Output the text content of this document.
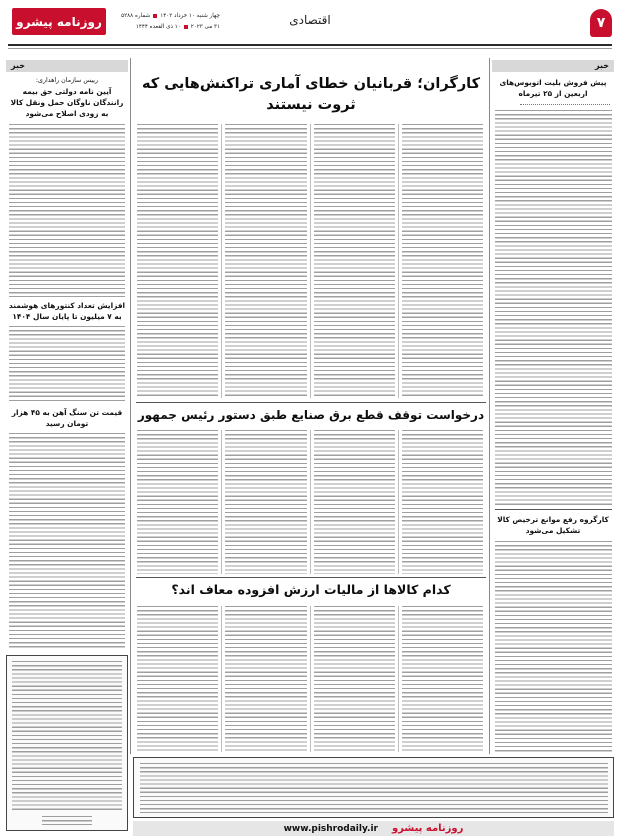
روزنامه پیشرو	چهار شنبه ۱۰ خرداد ۱۴۰۲شماره ۵۲۸۸
۳۱ می ۲۰۲۳۱۰ ذی القعده ۱۴۴۴	اقتصادی	۷
خبر
پیش فروش بلیت اتوبوس‌های اربعین از ۲۵ تیرماه
کارگروه رفع موانع ترخیص کالا تشکیل می‌شود
خبر
رییس سازمان راهداری:
آیین نامه دولتی حق بیمه رانندگان ناوگان حمل ونقل کالا به زودی اصلاح می‌شود
افزایش تعداد کنتورهای هوشمند به ۷ میلیون تا پایان سال ۱۴۰۴
قیمت تن سنگ آهن به ۴۵ هزار تومان رسید
کارگران؛ قربانیان خطای آماری تراکنش‌هایی که ثروت نیستند
درخواست توقف قطع برق صنایع طبق دستور رئیس جمهور
کدام کالاها از مالیات ارزش افزوده معاف اند؟
www.pishrodaily.ir روزنامه پیشرو
